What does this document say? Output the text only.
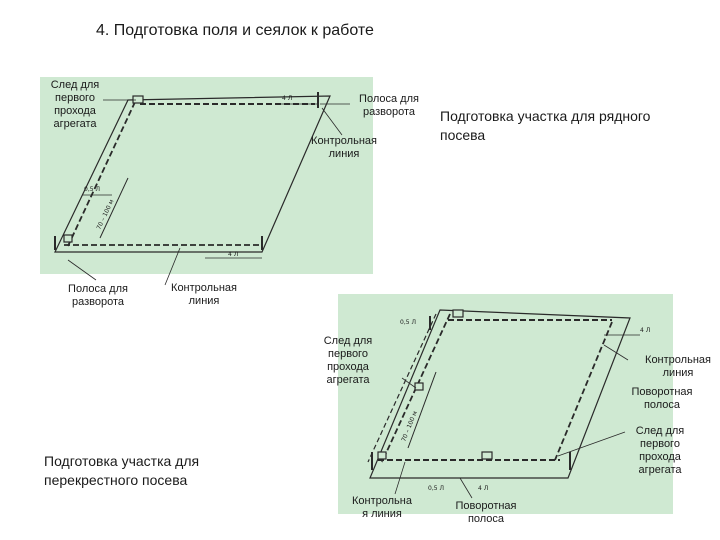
4. Подготовка поля и сеялок к работе
4 Л
0,5 Л
70 – 100 м
4 Л
След для
первого
прохода
агрегата
Полоса для
разворота
Контрольная
линия
Полоса для
разворота
Контрольная
линия
Подготовка участка для рядного
посева
0,5 Л
4 Л
70 – 100 м
0,5 Л	4 Л
След для
первого
прохода
агрегата
Контрольная
линия
Поворотная
полоса
След для
первого
прохода
агрегата
Контрольна
я линия
Поворотная
полоса
Подготовка участка для
перекрестного посева
